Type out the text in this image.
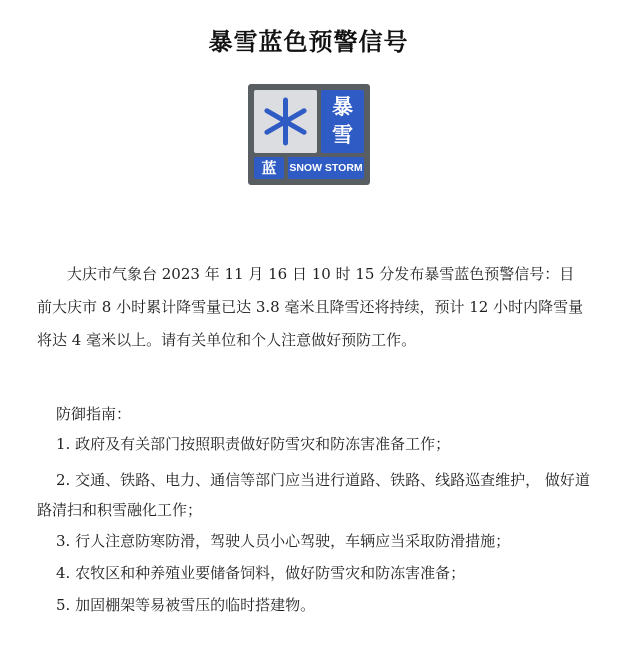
暴雪蓝色预警信号
暴
雪
蓝	SNOW STORM
大庆市气象台 2023 年 11 月 16 日 10 时 15 分发布暴雪蓝色预警信号：目前大庆市 8 小时累计降雪量已达 3.8 毫米且降雪还将持续，预计 12 小时内降雪量将达 4 毫米以上。请有关单位和个人注意做好预防工作。
防御指南：
1. 政府及有关部门按照职责做好防雪灾和防冻害准备工作；
2. 交通、铁路、电力、通信等部门应当进行道路、铁路、线路巡查维护， 做好道路清扫和积雪融化工作；
3. 行人注意防寒防滑，驾驶人员小心驾驶，车辆应当采取防滑措施；
4. 农牧区和种养殖业要储备饲料，做好防雪灾和防冻害准备；
5. 加固棚架等易被雪压的临时搭建物。
